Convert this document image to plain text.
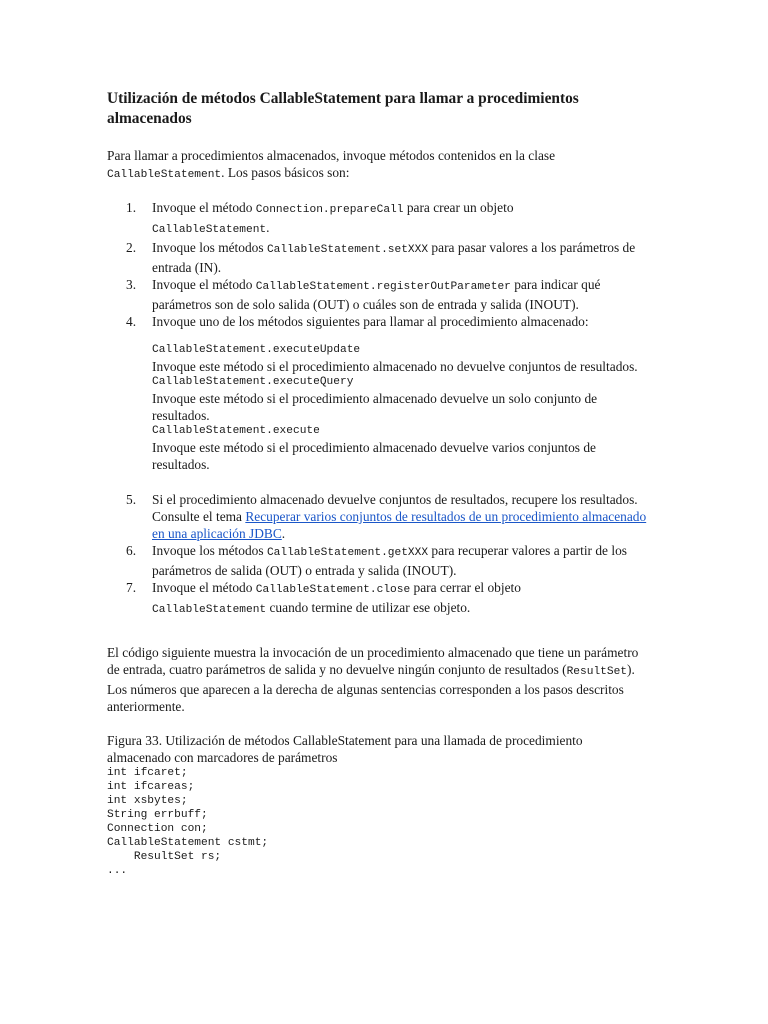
Utilización de métodos CallableStatement para llamar a procedimientos almacenados
Para llamar a procedimientos almacenados, invoque métodos contenidos en la clase CallableStatement. Los pasos básicos son:
1. Invoque el método Connection.prepareCall para crear un objeto
CallableStatement.
2. Invoque los métodos CallableStatement.setXXX para pasar valores a los parámetros de entrada (IN).
3. Invoque el método CallableStatement.registerOutParameter para indicar qué parámetros son de solo salida (OUT) o cuáles son de entrada y salida (INOUT).
4. Invoque uno de los métodos siguientes para llamar al procedimiento almacenado:
CallableStatement.executeUpdate
Invoque este método si el procedimiento almacenado no devuelve conjuntos de resultados.
CallableStatement.executeQuery
Invoque este método si el procedimiento almacenado devuelve un solo conjunto de resultados.
CallableStatement.execute
Invoque este método si el procedimiento almacenado devuelve varios conjuntos de resultados.
5. Si el procedimiento almacenado devuelve conjuntos de resultados, recupere los resultados. Consulte el tema Recuperar varios conjuntos de resultados de un procedimiento almacenado en una aplicación JDBC.
6. Invoque los métodos CallableStatement.getXXX para recuperar valores a partir de los parámetros de salida (OUT) o entrada y salida (INOUT).
7. Invoque el método CallableStatement.close para cerrar el objeto
CallableStatement cuando termine de utilizar ese objeto.
El código siguiente muestra la invocación de un procedimiento almacenado que tiene un parámetro de entrada, cuatro parámetros de salida y no devuelve ningún conjunto de resultados (ResultSet). Los números que aparecen a la derecha de algunas sentencias corresponden a los pasos descritos anteriormente.
Figura 33. Utilización de métodos CallableStatement para una llamada de procedimiento almacenado con marcadores de parámetros
int ifcaret;
int ifcareas;
int xsbytes;
String errbuff;
Connection con;
CallableStatement cstmt;
ResultSet rs;
...
